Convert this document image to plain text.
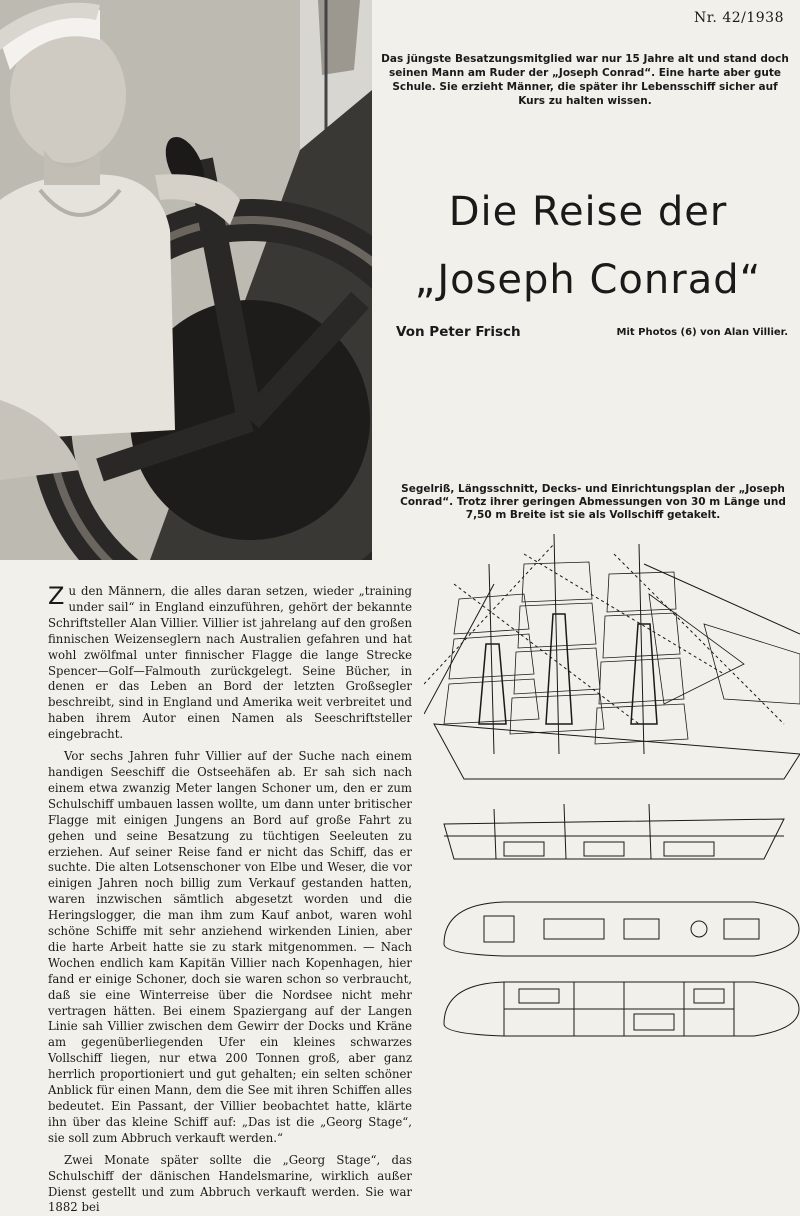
Nr. 42/1938
Das jüngste Besatzungsmitglied war nur 15 Jahre alt und stand doch seinen Mann am Ruder der „Joseph Conrad“. Eine harte aber gute Schule. Sie erzieht Männer, die später ihr Lebensschiff sicher auf Kurs zu halten wissen.
Die Reise der
„Joseph Conrad“
Von Peter Frisch	Mit Photos (6) von Alan Villier.
Segelriß, Längsschnitt, Decks- und Einrichtungsplan der „Joseph Conrad“. Trotz ihrer geringen Abmessungen von 30 m Länge und 7,50 m Breite ist sie als Vollschiff getakelt.

Zu den Männern, die alles daran setzen, wieder „training under sail“ in England einzuführen, gehört der bekannte Schriftsteller Alan Villier. Villier ist jahrelang auf den großen finnischen Weizenseglern nach Australien gefahren und hat wohl zwölfmal unter finnischer Flagge die lange Strecke Spencer—Golf—Falmouth zurückgelegt. Seine Bücher, in denen er das Leben an Bord der letzten Großsegler beschreibt, sind in England und Amerika weit verbreitet und haben ihrem Autor einen Namen als Seeschriftsteller eingebracht.

Vor sechs Jahren fuhr Villier auf der Suche nach einem handigen Seeschiff die Ostseehäfen ab. Er sah sich nach einem etwa zwanzig Meter langen Schoner um, den er zum Schulschiff umbauen lassen wollte, um dann unter britischer Flagge mit einigen Jungens an Bord auf große Fahrt zu gehen und seine Besatzung zu tüchtigen Seeleuten zu erziehen. Auf seiner Reise fand er nicht das Schiff, das er suchte. Die alten Lotsenschoner von Elbe und Weser, die vor einigen Jahren noch billig zum Verkauf gestanden hatten, waren inzwischen sämtlich abgesetzt worden und die Heringslogger, die man ihm zum Kauf anbot, waren wohl schöne Schiffe mit sehr anziehend wirkenden Linien, aber die harte Arbeit hatte sie zu stark mitgenommen. — Nach Wochen endlich kam Kapitän Villier nach Kopenhagen, hier fand er einige Schoner, doch sie waren schon so verbraucht, daß sie eine Winterreise über die Nordsee nicht mehr vertragen hätten. Bei einem Spaziergang auf der Langen Linie sah Villier zwischen dem Gewirr der Docks und Kräne am gegenüberliegenden Ufer ein kleines schwarzes Vollschiff liegen, nur etwa 200 Tonnen groß, aber ganz herrlich proportioniert und gut gehalten; ein selten schöner Anblick für einen Mann, dem die See mit ihren Schiffen alles bedeutet. Ein Passant, der Villier beobachtet hatte, klärte ihn über das kleine Schiff auf: „Das ist die „Georg Stage“, sie soll zum Abbruch verkauft werden.“

Zwei Monate später sollte die „Georg Stage“, das Schulschiff der dänischen Handelsmarine, wirklich außer Dienst gestellt und zum Abbruch verkauft werden. Sie war 1882 bei
